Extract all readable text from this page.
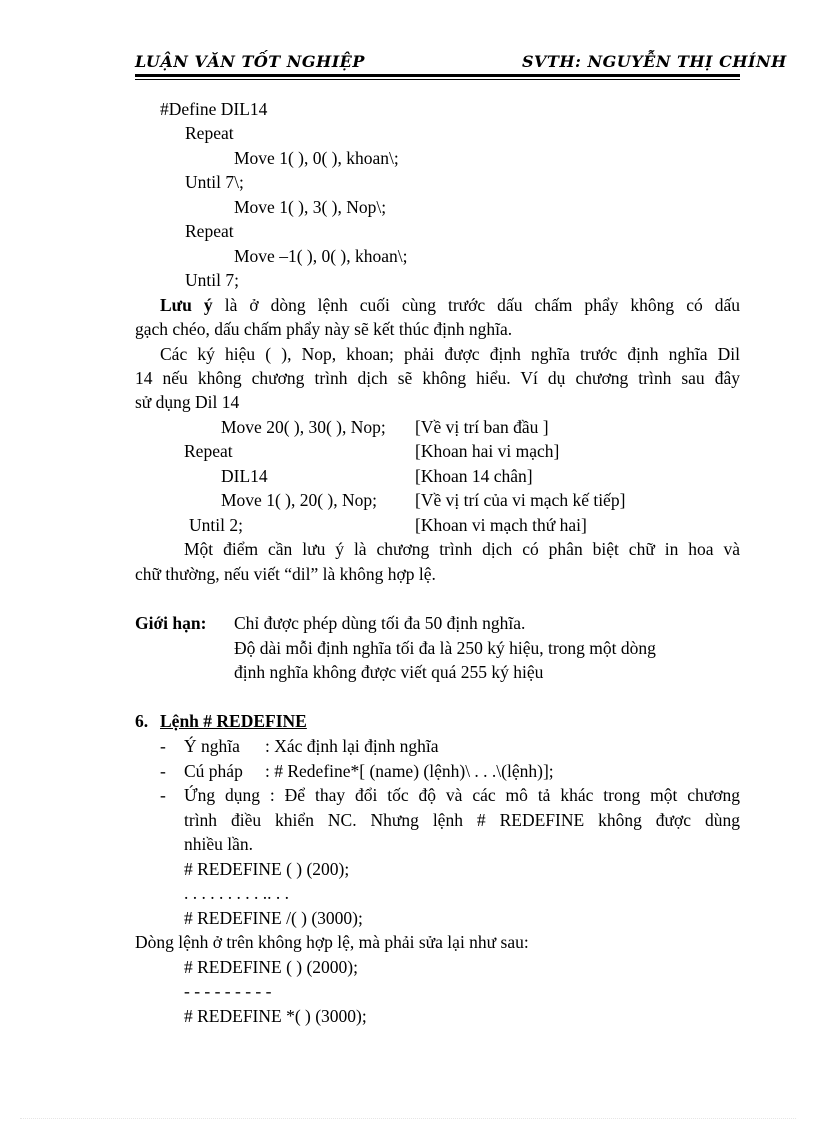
LUẬN VĂN TỐT NGHIỆP	SVTH: NGUYỄN THỊ CHÍNH
#Define DIL14
Repeat
Move 1( ), 0( ), khoan\;
Until 7\;
Move 1( ), 3( ), Nop\;
Repeat
Move –1( ), 0( ), khoan\;
Until 7;
Lưu ý là ở dòng lệnh cuối cùng trước dấu chấm phẩy không có dấu
gạch chéo, dấu chấm phẩy này sẽ kết thúc định nghĩa.
Các ký hiệu ( ), Nop, khoan; phải được định nghĩa trước định nghĩa Dil
14 nếu không chương trình dịch sẽ không hiểu. Ví dụ chương trình sau đây
sử dụng Dil 14
Move 20( ), 30( ), Nop; [Về vị trí ban đầu ]
Repeat	[Khoan hai vi mạch]
DIL14	[Khoan 14 chân]
Move 1( ), 20( ), Nop; [Về vị trí của vi mạch kế tiếp]
Until 2;	[Khoan vi mạch thứ hai]
Một điểm cần lưu ý là chương trình dịch có phân biệt chữ in hoa và
chữ thường, nếu viết “dil” là không hợp lệ.
Giới hạn: Chỉ được phép dùng tối đa 50 định nghĩa.
Độ dài mỗi định nghĩa tối đa là 250 ký hiệu, trong một dòng
định nghĩa không được viết quá 255 ký hiệu
6. Lệnh # REDEFINE
- Ý nghĩa : Xác định lại định nghĩa
- Cú pháp : # Redefine*[ (name) (lệnh)\ . . .\(lệnh)];
- Ứng dụng : Để thay đổi tốc độ và các mô tả khác trong một chương
trình điều khiển NC. Nhưng lệnh # REDEFINE không được dùng
nhiều lần.
# REDEFINE ( ) (200);
. . . . . . . . . .. . .
# REDEFINE /( ) (3000);
Dòng lệnh ở trên không hợp lệ, mà phải sửa lại như sau:
# REDEFINE ( ) (2000);
- - - - - - - - -
# REDEFINE *( ) (3000);
